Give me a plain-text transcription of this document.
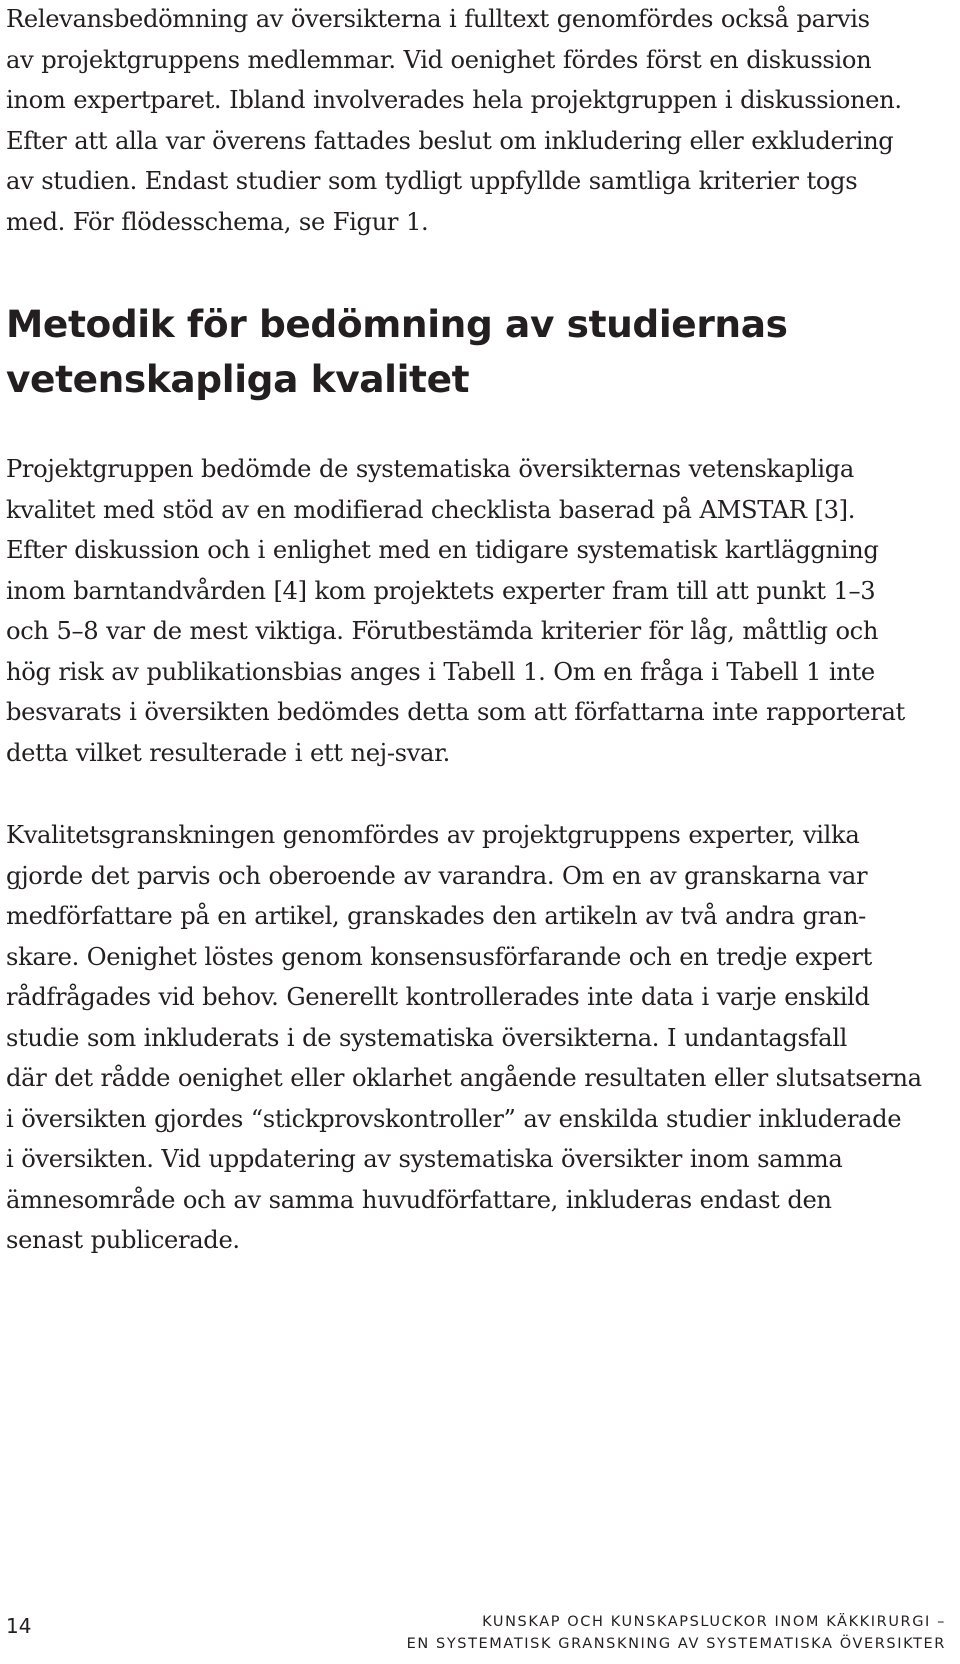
Relevansbedömning av översikterna i fulltext genomfördes också parvis
av projektgruppens medlemmar. Vid oenighet fördes först en diskussion
inom expertparet. Ibland involverades hela projektgruppen i diskussionen.
Efter att alla var överens fattades beslut om inkludering eller exkludering
av studien. Endast studier som tydligt uppfyllde samtliga kriterier togs
med. För flödesschema, se Figur 1.

Metodik för bedömning av studiernas
vetenskapliga kvalitet

Projektgruppen bedömde de systematiska översikternas vetenskapliga
kvalitet med stöd av en modifierad checklista baserad på AMSTAR [3].
Efter diskussion och i enlighet med en tidigare systematisk kartläggning
inom barntandvården [4] kom projektets experter fram till att punkt 1–3
och 5–8 var de mest viktiga. Förutbestämda kriterier för låg, måttlig och
hög risk av publikationsbias anges i Tabell 1. Om en fråga i Tabell 1 inte
besvarats i översikten bedömdes detta som att författarna inte rapporterat
detta vilket resulterade i ett nej-svar.

Kvalitetsgranskningen genomfördes av projektgruppens experter, vilka
gjorde det parvis och oberoende av varandra. Om en av granskarna var
medförfattare på en artikel, granskades den artikeln av två andra gran-
skare. Oenighet löstes genom konsensusförfarande och en tredje expert
rådfrågades vid behov. Generellt kontrollerades inte data i varje enskild
studie som inkluderats i de systematiska översikterna. I undantagsfall
där det rådde oenighet eller oklarhet angående resultaten eller slutsatserna
i översikten gjordes “stickprovskontroller” av enskilda studier inkluderade
i översikten. Vid uppdatering av systematiska översikter inom samma
ämnesområde och av samma huvudförfattare, inkluderas endast den
senast publicerade.

14	KUNSKAP OCH KUNSKAPSLUCKOR INOM KÄKKIRURGI –
EN SYSTEMATISK GRANSKNING AV SYSTEMATISKA ÖVERSIKTER
